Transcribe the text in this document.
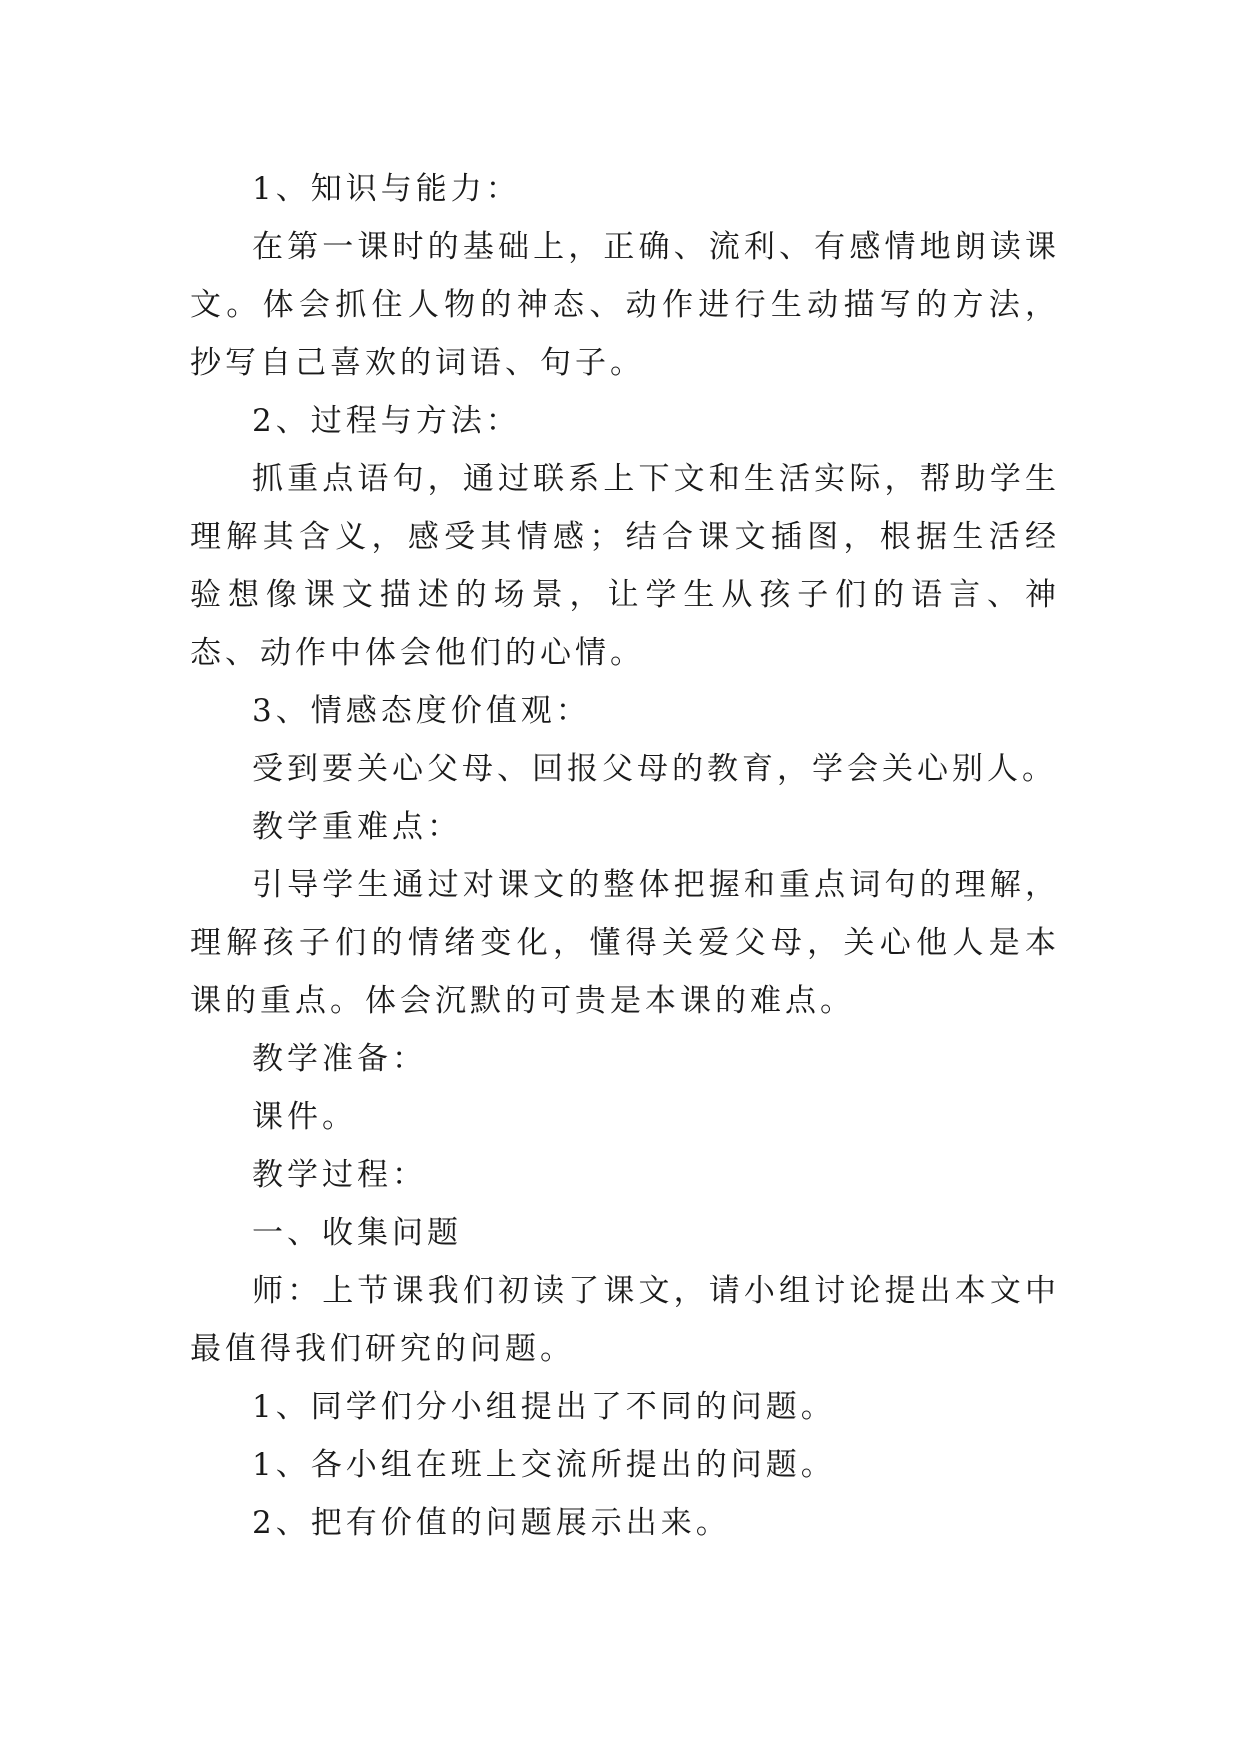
1、知识与能力：

在第一课时的基础上，正确、流利、有感情地朗读课文。体会抓住人物的神态、动作进行生动描写的方法，抄写自己喜欢的词语、句子。

2、过程与方法：

抓重点语句，通过联系上下文和生活实际，帮助学生理解其含义，感受其情感；结合课文插图，根据生活经验想像课文描述的场景，让学生从孩子们的语言、神态、动作中体会他们的心情。

3、情感态度价值观：

受到要关心父母、回报父母的教育，学会关心别人。

教学重难点：

引导学生通过对课文的整体把握和重点词句的理解，理解孩子们的情绪变化，懂得关爱父母，关心他人是本课的重点。体会沉默的可贵是本课的难点。

教学准备：

课件。

教学过程：

一、收集问题

师：上节课我们初读了课文，请小组讨论提出本文中最值得我们研究的问题。

1、同学们分小组提出了不同的问题。

1、各小组在班上交流所提出的问题。

2、把有价值的问题展示出来。
